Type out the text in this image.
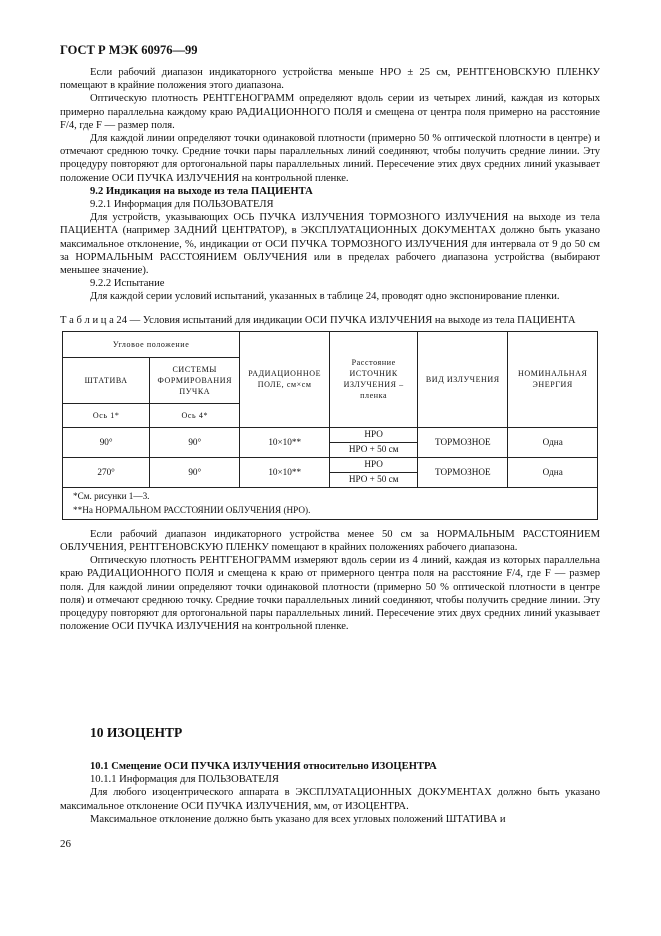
ГОСТ Р МЭК 60976—99

Если рабочий диапазон индикаторного устройства меньше НРО ± 25 см, РЕНТГЕНОВСКУЮ ПЛЕНКУ помещают в крайние положения этого диапазона.

Оптическую плотность РЕНТГЕНОГРАММ определяют вдоль серии из четырех линий, каждая из которых примерно параллельна каждому краю РАДИАЦИОННОГО ПОЛЯ и смещена от центра поля примерно на расстояние F/4, где F — размер поля.

Для каждой линии определяют точки одинаковой плотности (примерно 50 % оптической плотности в центре) и отмечают среднюю точку. Средние точки пары параллельных линий соединяют, чтобы получить средние линии. Эту процедуру повторяют для ортогональной пары параллельных линий. Пересечение этих двух средних линий указывает положение ОСИ ПУЧКА ИЗЛУЧЕНИЯ на контрольной пленке.

9.2 Индикация на выходе из тела ПАЦИЕНТА

9.2.1 Информация для ПОЛЬЗОВАТЕЛЯ

Для устройств, указывающих ОСЬ ПУЧКА ИЗЛУЧЕНИЯ ТОРМОЗНОГО ИЗЛУЧЕНИЯ на выходе из тела ПАЦИЕНТА (например ЗАДНИЙ ЦЕНТРАТОР), в ЭКСПЛУАТАЦИОННЫХ ДОКУМЕНТАХ должно быть указано максимальное отклонение, %, индикации от ОСИ ПУЧКА ТОРМОЗНОГО ИЗЛУЧЕНИЯ для интервала от 9 до 50 см за НОРМАЛЬНЫМ РАССТОЯНИЕМ ОБЛУЧЕНИЯ или в пределах рабочего диапазона устройства (выбирают меньшее значение).

9.2.2 Испытание

Для каждой серии условий испытаний, указанных в таблице 24, проводят одно экспонирование пленки.

Т а б л и ц а 24 — Условия испытаний для индикации ОСИ ПУЧКА ИЗЛУЧЕНИЯ на выходе из тела ПАЦИЕНТА

Угловое положение		РАДИАЦИОННОЕ ПОЛЕ, см×см	Расстояние ИСТОЧНИК ИЗЛУЧЕНИЯ – пленка	ВИД ИЗЛУЧЕНИЯ	НОМИНАЛЬНАЯ ЭНЕРГИЯ
ШТАТИВА	СИСТЕМЫ ФОРМИРОВАНИЯ ПУЧКА				
Ось 1*	Ось 4*				
90°	90°	10×10**	НРО	ТОРМОЗНОЕ	Одна
			НРО + 50 см		
270°	90°	10×10**	НРО	ТОРМОЗНОЕ	Одна
			НРО + 50 см		

*См. рисунки 1—3.
**На НОРМАЛЬНОМ РАССТОЯНИИ ОБЛУЧЕНИЯ (НРО).					

Если рабочий диапазон индикаторного устройства менее 50 см за НОРМАЛЬНЫМ РАССТОЯНИЕМ ОБЛУЧЕНИЯ, РЕНТГЕНОВСКУЮ ПЛЕНКУ помещают в крайних положениях рабочего диапазона.

Оптическую плотность РЕНТГЕНОГРАММ измеряют вдоль серии из 4 линий, каждая из которых параллельна краю РАДИАЦИОННОГО ПОЛЯ и смещена к краю от примерного центра поля на расстояние F/4, где F — размер поля. Для каждой линии определяют точки одинаковой плотности (примерно 50 % оптической плотности в центре поля) и отмечают среднюю точку. Средние точки параллельных линий соединяют, чтобы получить средние линии. Эту процедуру повторяют для ортогональной пары параллельных линий. Пересечение этих двух средних линий указывает положение ОСИ ПУЧКА ИЗЛУЧЕНИЯ на контрольной пленке.

10 ИЗОЦЕНТР

10.1 Смещение ОСИ ПУЧКА ИЗЛУЧЕНИЯ относительно ИЗОЦЕНТРА

10.1.1 Информация для ПОЛЬЗОВАТЕЛЯ

Для любого изоцентрического аппарата в ЭКСПЛУАТАЦИОННЫХ ДОКУМЕНТАХ должно быть указано максимальное отклонение ОСИ ПУЧКА ИЗЛУЧЕНИЯ, мм, от ИЗОЦЕНТРА.

Максимальное отклонение должно быть указано для всех угловых положений ШТАТИВА и

26
